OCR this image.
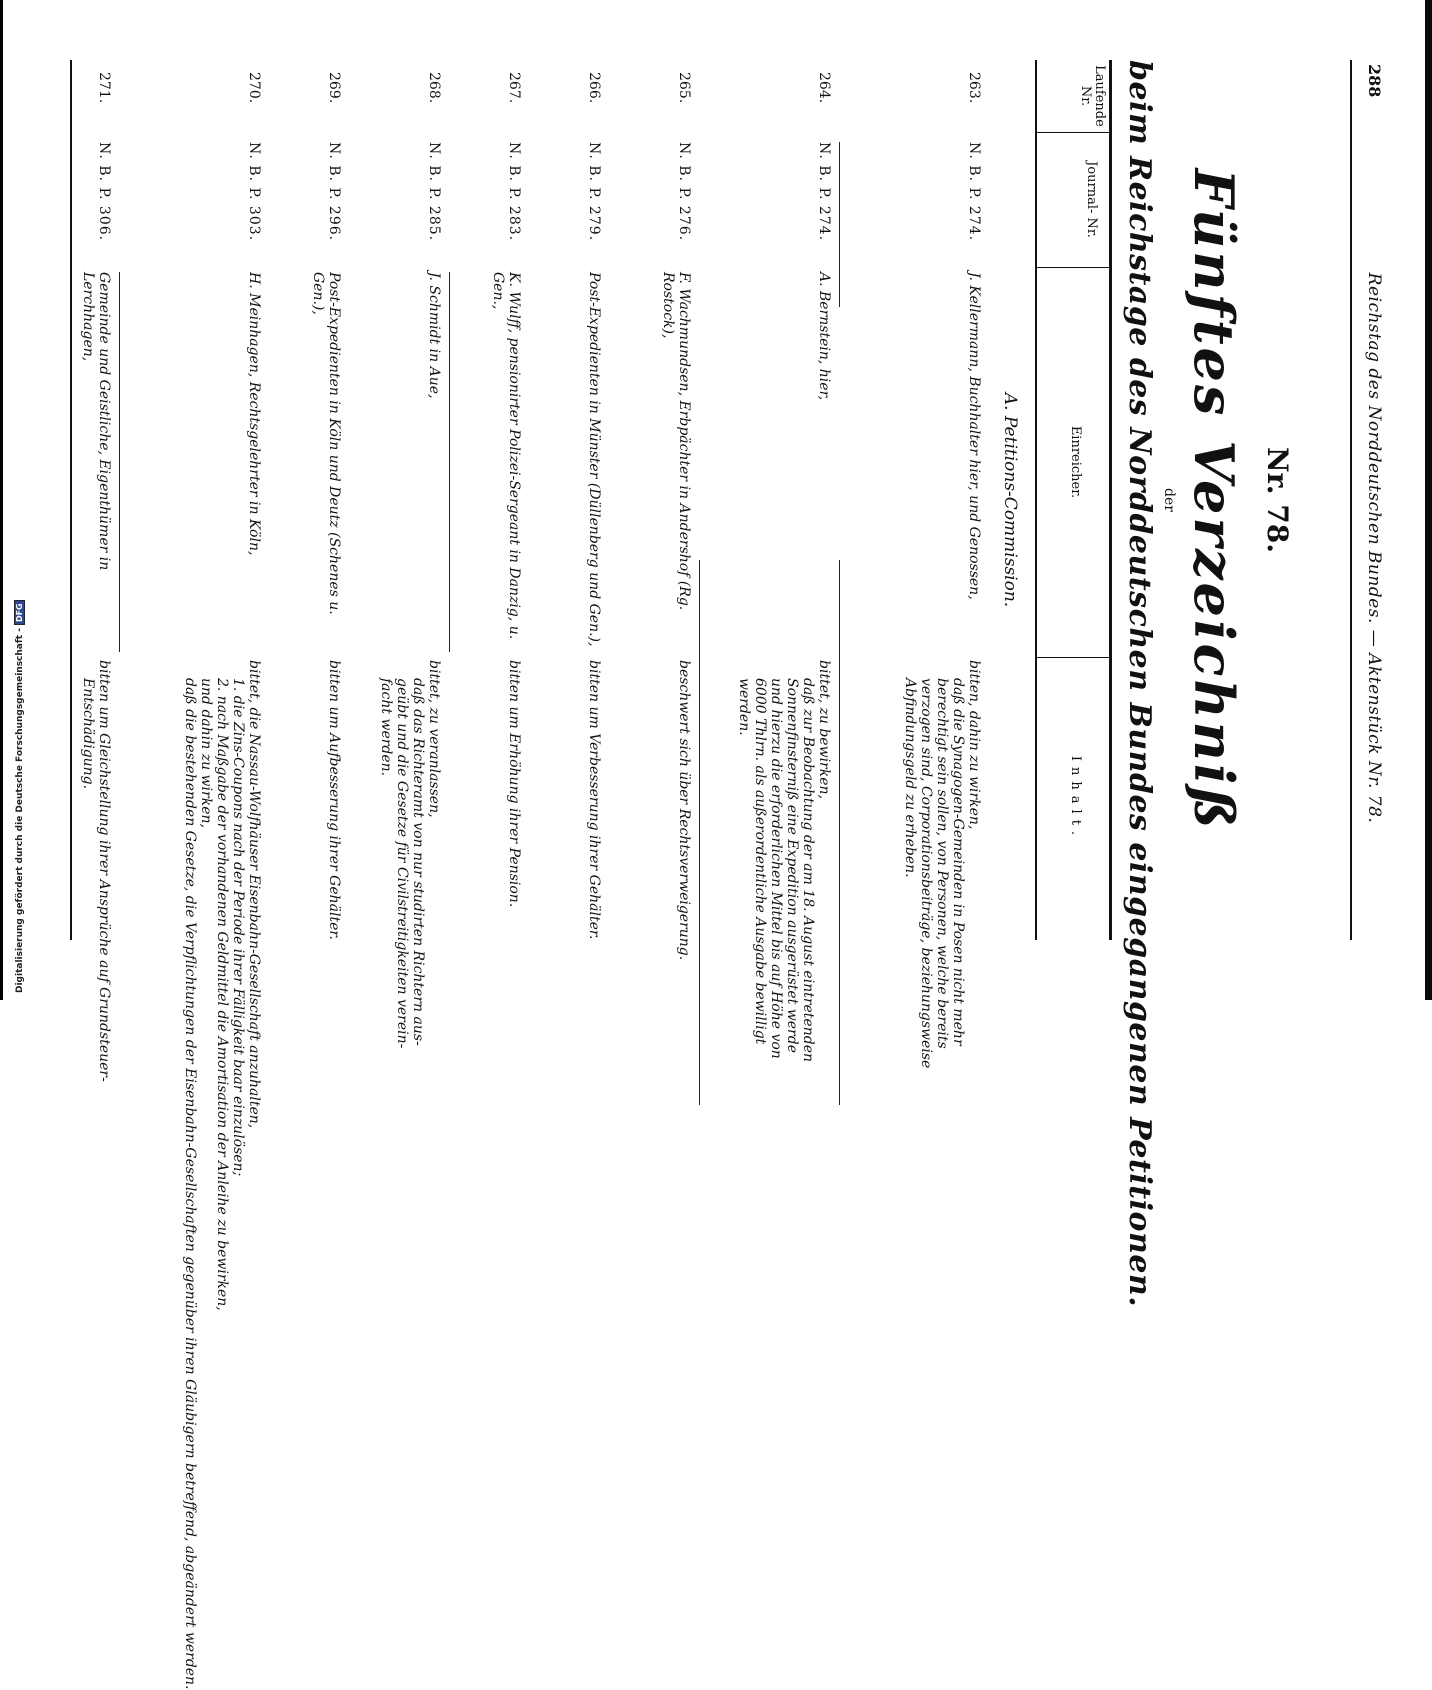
Digitalisierung gefördert durch die Deutsche Forschungsgemeinschaft -DFG
288
Reichstag des Norddeutschen Bundes. — Aktenstück Nr. 78.
Nr. 78.
Fünftes Verzeichniß
der
beim Reichstage des Norddeutschen Bundes eingegangenen Petitionen.
Laufende Nr.
Journal- Nr.
Einreicher.
Inhalt.
A. Petitions-Commission.
263.
N. B. P. 274.
J. Kellermann, Buchhalter hier, und Genossen,
bitten, dahin zu wirken,
daß die Synagogen-Gemeinden in Posen nicht mehr
berechtigt sein sollen, von Personen, welche bereits
verzogen sind, Corporationsbeiträge, beziehungsweise
Abfindungsgeld zu erheben.
264.
N. B. P. 274.
A. Bernstein, hier,
bittet, zu bewirken,
daß zur Beobachtung der am 18. August eintretenden
Sonnenfinsterniß eine Expedition ausgerüstet werde
und hierzu die erforderlichen Mittel bis auf Höhe von
6000 Thlrn. als außerordentliche Ausgabe bewilligt
werden.
265.
N. B. P. 276.
F. Wachmundsen, Erbpächter in Andershof (Rg. Rostock),
beschwert sich über Rechtsverweigerung.
266.
N. B. P. 279.
Post-Expedienten in Münster (Düllenberg und Gen.),
bitten um Verbesserung ihrer Gehälter.
267.
N. B. P. 283.
K. Wulff, pensionirter Polizei-Sergeant in Danzig, u. Gen.,
bitten um Erhöhung ihrer Pension.
268.
N. B. P. 285.
J. Schmidt in Aue,
bittet, zu veranlassen,
daß das Richteramt von nur studirten Richtern aus-
geübt und die Gesetze für Civilstreitigkeiten verein-
facht werden.
269.
N. B. P. 296.
Post-Expedienten in Köln und Deutz (Schenes u. Gen.),
bitten um Aufbesserung ihrer Gehälter.
270.
N. B. P. 303.
H. Meinhagen, Rechtsgelehrter in Köln,
bittet, die Nassau-Wolfhäuser Eisenbahn-Gesellschaft anzuhalten,
1. die Zins-Coupons nach der Periode ihrer Fälligkeit baar einzulösen;
2. nach Maßgabe der vorhandenen Geldmittel die Amortisation der Anleihe zu bewirken,
und dahin zu wirken,
daß die bestehenden Gesetze, die Verpflichtungen der Eisenbahn-Gesellschaften gegenüber ihren Gläubigern betreffend, abgeändert werden.
271.
N. B. P. 306.
Gemeinde und Geistliche, Eigenthümer in Lerchhagen,
bitten um Gleichstellung ihrer Ansprüche auf Grundsteuer-
Entschädigung.
